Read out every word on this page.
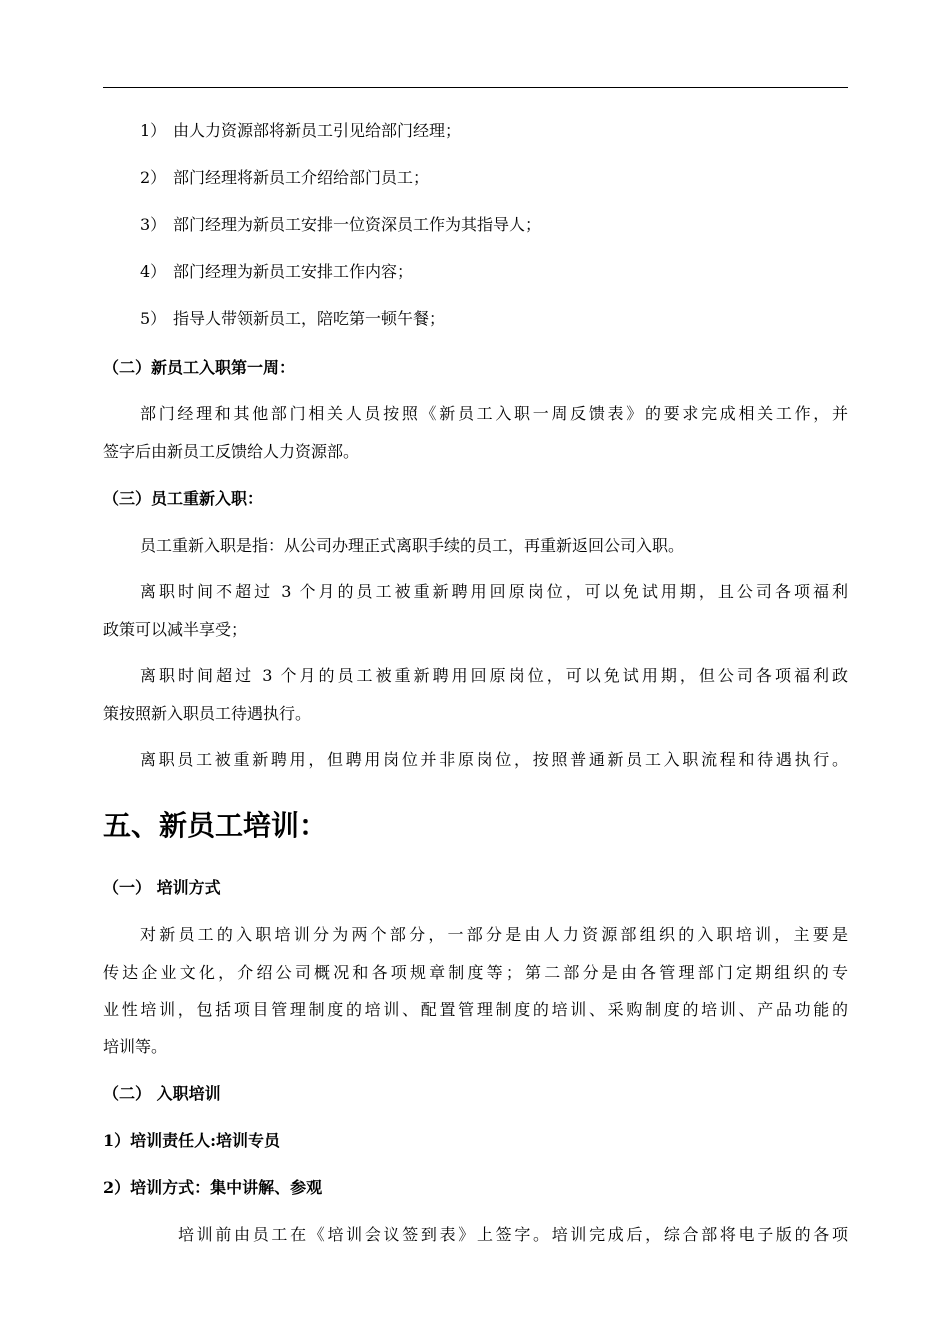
1） 由人力资源部将新员工引见给部门经理；
2） 部门经理将新员工介绍给部门员工；
3） 部门经理为新员工安排一位资深员工作为其指导人；
4） 部门经理为新员工安排工作内容；
5） 指导人带领新员工，陪吃第一顿午餐；
（二）新员工入职第一周：
部门经理和其他部门相关人员按照《新员工入职一周反馈表》的要求完成相关工作，并
签字后由新员工反馈给人力资源部。
（三）员工重新入职：
员工重新入职是指：从公司办理正式离职手续的员工，再重新返回公司入职。
离职时间不超过 3 个月的员工被重新聘用回原岗位，可以免试用期，且公司各项福利
政策可以减半享受；
离职时间超过 3 个月的员工被重新聘用回原岗位，可以免试用期，但公司各项福利政
策按照新入职员工待遇执行。
离职员工被重新聘用，但聘用岗位并非原岗位，按照普通新员工入职流程和待遇执行。
五、新员工培训：
（一） 培训方式
对新员工的入职培训分为两个部分，一部分是由人力资源部组织的入职培训，主要是
传达企业文化，介绍公司概况和各项规章制度等；第二部分是由各管理部门定期组织的专
业性培训，包括项目管理制度的培训、配置管理制度的培训、采购制度的培训、产品功能的
培训等。
（二） 入职培训
1）培训责任人:培训专员
2）培训方式：集中讲解、参观
培训前由员工在《培训会议签到表》上签字。培训完成后，综合部将电子版的各项
